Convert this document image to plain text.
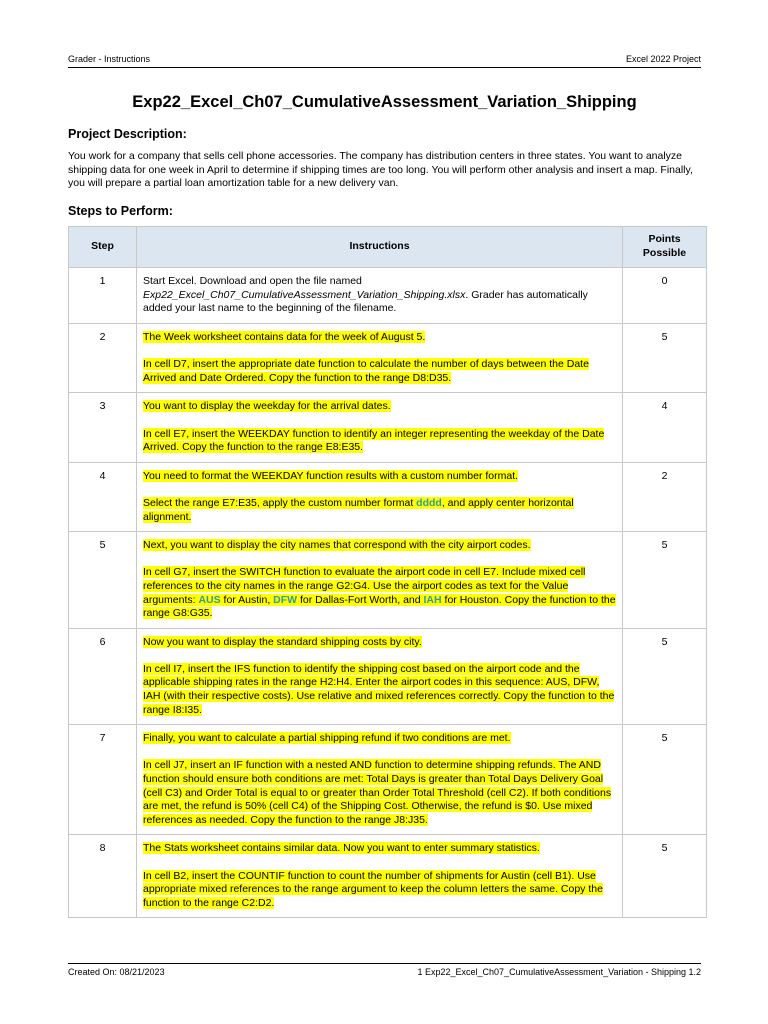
Grader - Instructions	Excel 2022 Project
Exp22_Excel_Ch07_CumulativeAssessment_Variation_Shipping
Project Description:
You work for a company that sells cell phone accessories. The company has distribution centers in three states. You want to analyze shipping data for one week in April to determine if shipping times are too long. You will perform other analysis and insert a map. Finally, you will prepare a partial loan amortization table for a new delivery van.
Steps to Perform:
Step	Instructions	Points Possible
1	Start Excel. Download and open the file named
Exp22_Excel_Ch07_CumulativeAssessment_Variation_Shipping.xlsx. Grader has automatically added your last name to the beginning of the filename.	0
2	The Week worksheet contains data for the week of August 5.
In cell D7, insert the appropriate date function to calculate the number of days between the Date Arrived and Date Ordered. Copy the function to the range D8:D35.	5
3	You want to display the weekday for the arrival dates.
In cell E7, insert the WEEKDAY function to identify an integer representing the weekday of the Date Arrived. Copy the function to the range E8:E35.	4
4	You need to format the WEEKDAY function results with a custom number format.
Select the range E7:E35, apply the custom number format dddd, and apply center horizontal alignment.	2
5	Next, you want to display the city names that correspond with the city airport codes.
In cell G7, insert the SWITCH function to evaluate the airport code in cell E7. Include mixed cell references to the city names in the range G2:G4. Use the airport codes as text for the Value arguments: AUS for Austin, DFW for Dallas-Fort Worth, and IAH for Houston. Copy the function to the range G8:G35.	5
6	Now you want to display the standard shipping costs by city.
In cell I7, insert the IFS function to identify the shipping cost based on the airport code and the applicable shipping rates in the range H2:H4. Enter the airport codes in this sequence: AUS, DFW, IAH (with their respective costs). Use relative and mixed references correctly. Copy the function to the range I8:I35.	5
7	Finally, you want to calculate a partial shipping refund if two conditions are met.
In cell J7, insert an IF function with a nested AND function to determine shipping refunds. The AND function should ensure both conditions are met: Total Days is greater than Total Days Delivery Goal (cell C3) and Order Total is equal to or greater than Order Total Threshold (cell C2). If both conditions are met, the refund is 50% (cell C4) of the Shipping Cost. Otherwise, the refund is $0. Use mixed references as needed. Copy the function to the range J8:J35.	5
8	The Stats worksheet contains similar data. Now you want to enter summary statistics.
In cell B2, insert the COUNTIF function to count the number of shipments for Austin (cell B1). Use appropriate mixed references to the range argument to keep the column letters the same. Copy the function to the range C2:D2.	5
Created On: 08/21/2023	1 Exp22_Excel_Ch07_CumulativeAssessment_Variation - Shipping 1.2
